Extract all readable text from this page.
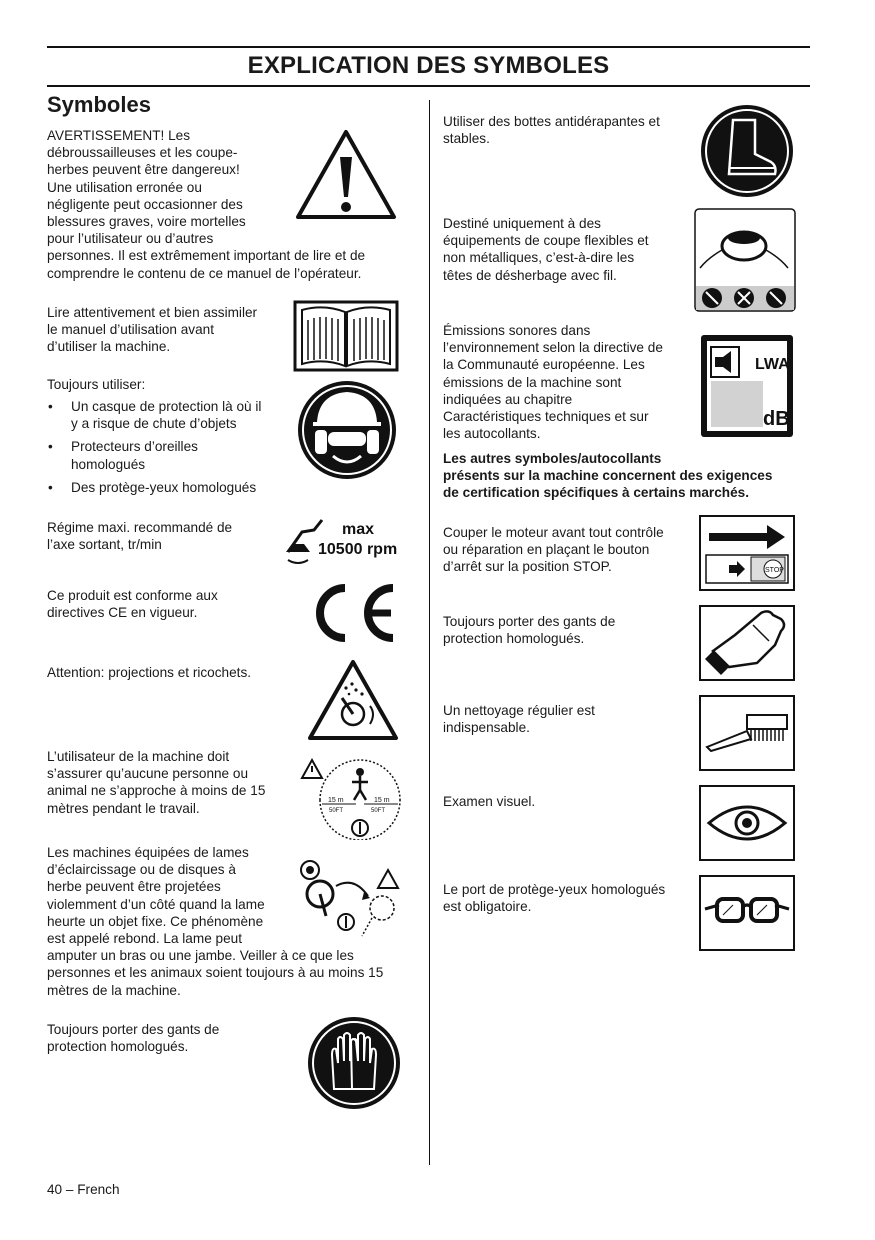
EXPLICATION DES SYMBOLES
Symboles

AVERTISSEMENT! Les

débroussailleuses et les coupe-

herbes peuvent être dangereux!

Une utilisation erronée ou

négligente peut occasionner des

blessures graves, voire mortelles

pour l’utilisateur ou d’autres

personnes. Il est extrêmement important de lire et de

comprendre le contenu de ce manuel de l’opérateur.

Lire attentivement et bien assimiler

le manuel d’utilisation avant

d’utiliser la machine.

Toujours utiliser:

• Un casque de protection là où il

y a risque de chute d’objets

• Protecteurs d’oreilles

homologués

• Des protège-yeux homologués

Régime maxi. recommandé de

l’axe sortant, tr/min

max
10500 rpm

Ce produit est conforme aux

directives CE en vigueur.

Attention: projections et ricochets.

L’utilisateur de la machine doit

s’assurer qu’aucune personne ou

animal ne s’approche à moins de 15

mètres pendant le travail.

15 m
50FT
15 m
50FT

Les machines équipées de lames

d’éclaircissage ou de disques à

herbe peuvent être projetées

violemment d’un côté quand la lame

heurte un objet fixe. Ce phénomène

est appelé rebond. La lame peut

amputer un bras ou une jambe. Veiller à ce que les

personnes et les animaux soient toujours à au moins 15

mètres de la machine.

Toujours porter des gants de

protection homologués.

Utiliser des bottes antidérapantes et

stables.

Destiné uniquement à des

équipements de coupe flexibles et

non métalliques, c’est-à-dire les

têtes de désherbage avec fil.

Émissions sonores dans

l’environnement selon la directive de

la Communauté européenne. Les

émissions de la machine sont

indiquées au chapitre

Caractéristiques techniques et sur

les autocollants.

LWA
dB

Les autres symboles/autocollants

présents sur la machine concernent des exigences

de certification spécifiques à certains marchés.

Couper le moteur avant tout contrôle

ou réparation en plaçant le bouton

d’arrêt sur la position STOP.	STOP

Toujours porter des gants de

protection homologués.

Un nettoyage régulier est

indispensable.

Examen visuel.

Le port de protège-yeux homologués

est obligatoire.

40 – French
